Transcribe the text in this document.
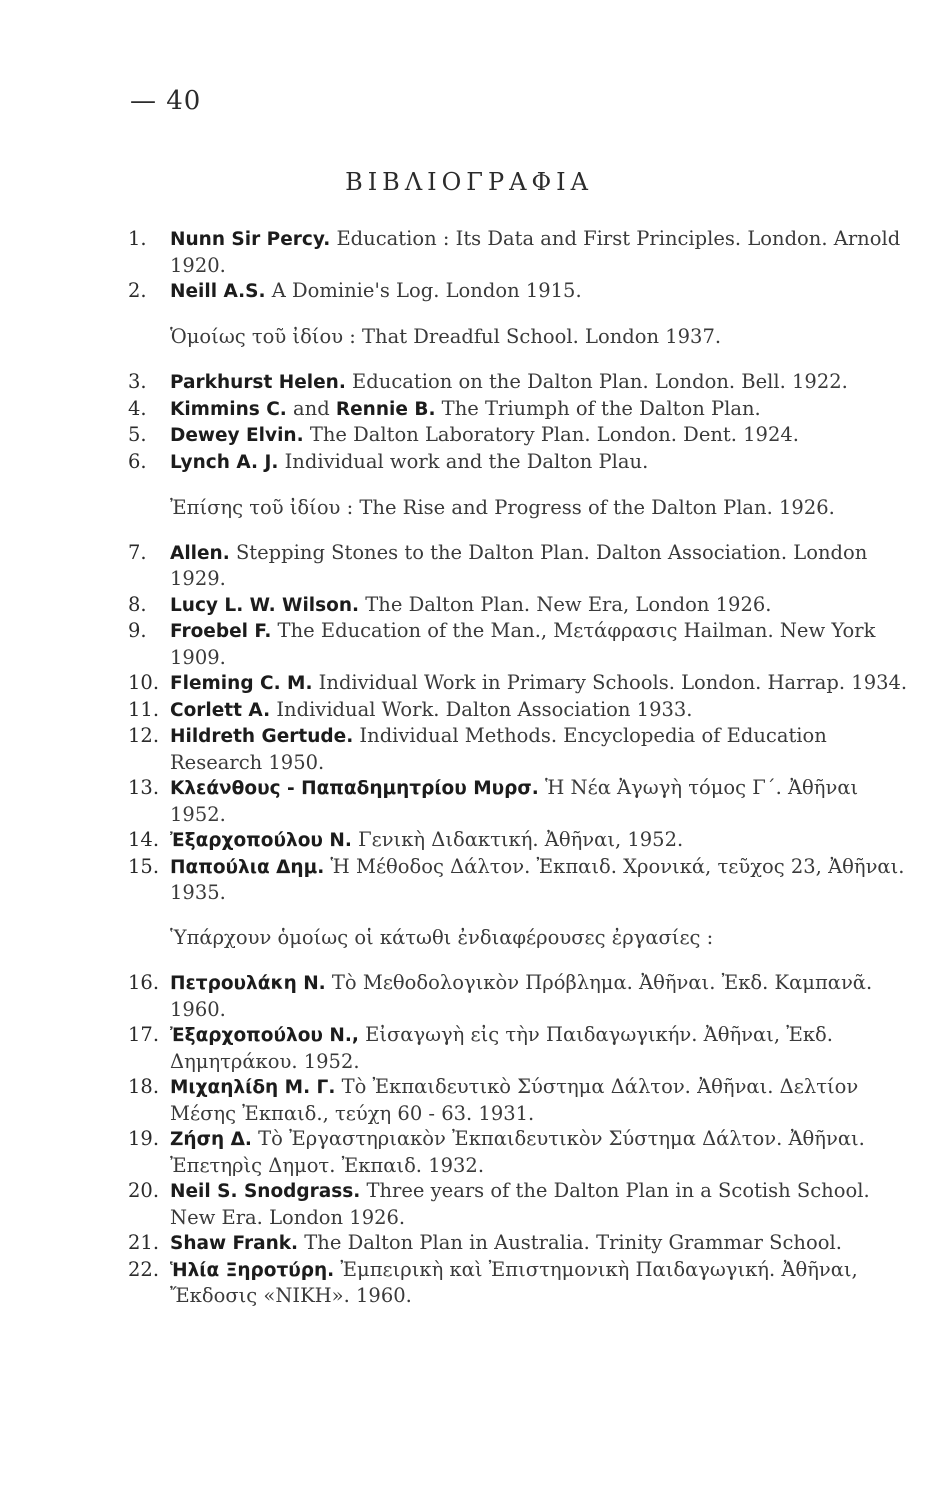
— 40
ΒΙΒΛΙΟΓΡΑΦΙΑ

1. Nunn Sir Percy. Education : Its Data and First Principles. London. Arnold 1920.

2. Neill A.S. A Dominie's Log. London 1915.

Ὁμοίως τοῦ ἰδίου : That Dreadful School. London 1937.

3. Parkhurst Helen. Education on the Dalton Plan. London. Bell. 1922.

4. Kimmins C. and Rennie B. The Triumph of the Dalton Plan.

5. Dewey Elvin. The Dalton Laboratory Plan. London. Dent. 1924.

6. Lynch A. J. Individual work and the Dalton Plau.

Ἐπίσης τοῦ ἰδίου : The Rise and Progress of the Dalton Plan. 1926.

7. Allen. Stepping Stones to the Dalton Plan. Dalton Association. London 1929.

8. Lucy L. W. Wilson. The Dalton Plan. New Era, London 1926.

9. Froebel F. The Education of the Man., Μετάφρασις Hailman. New York 1909.

10. Fleming C. M. Individual Work in Primary Schools. London. Harrap. 1934.

11. Corlett A. Individual Work. Dalton Association 1933.

12. Hildreth Gertude. Individual Methods. Encyclopedia of Education Research 1950.

13. Κλεάνθους - Παπαδημητρίου Μυρσ. Ἡ Νέα Ἀγωγὴ τόμος Γ΄. Ἀθῆναι 1952.

14. Ἐξαρχοπούλου Ν. Γενικὴ Διδακτική. Ἀθῆναι, 1952.

15. Παπούλια Δημ. Ἡ Μέθοδος Δάλτον. Ἐκπαιδ. Χρονικά, τεῦχος 23, Ἀθῆναι. 1935.

Ὑπάρχουν ὁμοίως οἱ κάτωθι ἐνδιαφέρουσες ἐργασίες :

16. Πετρουλάκη Ν. Τὸ Μεθοδολογικὸν Πρόβλημα. Ἀθῆναι. Ἐκδ. Καμπανᾶ. 1960.

17. Ἐξαρχοπούλου Ν., Εἰσαγωγὴ εἰς τὴν Παιδαγωγικήν. Ἀθῆναι, Ἐκδ. Δημητράκου. 1952.

18. Μιχαηλίδη Μ. Γ. Τὸ Ἐκπαιδευτικὸ Σύστημα Δάλτον. Ἀθῆναι. Δελτίον Μέσης Ἐκπαιδ., τεύχη 60 - 63. 1931.

19. Ζήση Δ. Τὸ Ἐργαστηριακὸν Ἐκπαιδευτικὸν Σύστημα Δάλτον. Ἀθῆναι. Ἐπετηρὶς Δημοτ. Ἐκπαιδ. 1932.

20. Neil S. Snodgrass. Three years of the Dalton Plan in a Scotish School. New Era. London 1926.

21. Shaw Frank. The Dalton Plan in Australia. Trinity Grammar School.

22. Ἡλία Ξηροτύρη. Ἐμπειρικὴ καὶ Ἐπιστημονικὴ Παιδαγωγική. Ἀθῆναι, Ἔκδοσις «ΝΙΚΗ». 1960.
